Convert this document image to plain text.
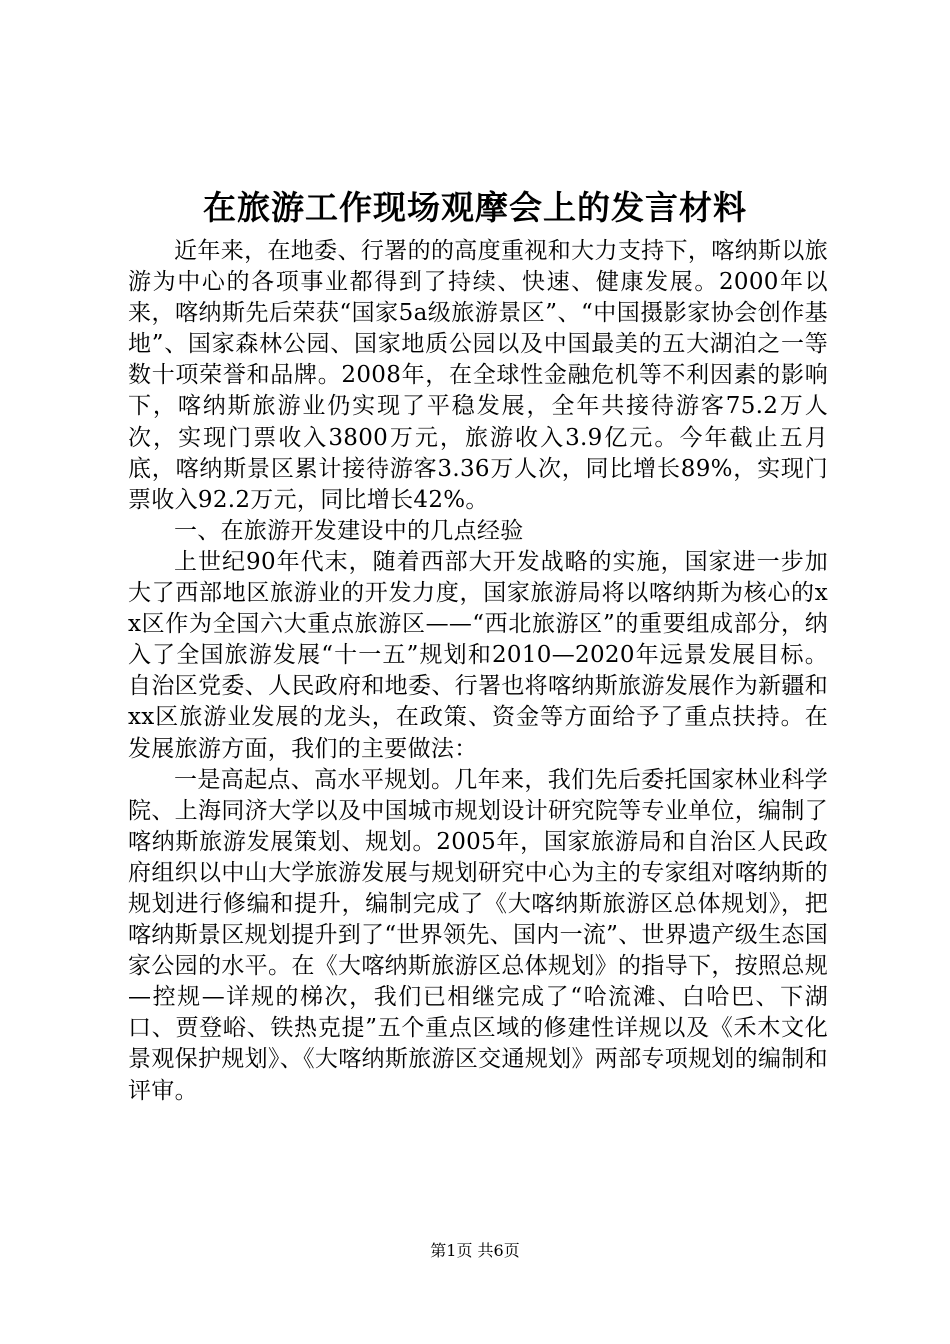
在旅游工作现场观摩会上的发言材料

近年来，在地委、行署的的高度重视和大力支持下，喀纳斯以旅游为中心的各项事业都得到了持续、快速、健康发展。2000年以来，喀纳斯先后荣获“国家5a级旅游景区”、“中国摄影家协会创作基地”、国家森林公园、国家地质公园以及中国最美的五大湖泊之一等数十项荣誉和品牌。2008年，在全球性金融危机等不利因素的影响下，喀纳斯旅游业仍实现了平稳发展，全年共接待游客75.2万人次，实现门票收入3800万元，旅游收入3.9亿元。今年截止五月底，喀纳斯景区累计接待游客3.36万人次，同比增长89%，实现门票收入92.2万元，同比增长42%。

一、在旅游开发建设中的几点经验

上世纪90年代末，随着西部大开发战略的实施，国家进一步加大了西部地区旅游业的开发力度，国家旅游局将以喀纳斯为核心的xx区作为全国六大重点旅游区——“西北旅游区”的重要组成部分，纳入了全国旅游发展“十一五”规划和2010—2020年远景发展目标。自治区党委、人民政府和地委、行署也将喀纳斯旅游发展作为新疆和xx区旅游业发展的龙头，在政策、资金等方面给予了重点扶持。在发展旅游方面，我们的主要做法：

一是高起点、高水平规划。几年来，我们先后委托国家林业科学院、上海同济大学以及中国城市规划设计研究院等专业单位，编制了喀纳斯旅游发展策划、规划。2005年，国家旅游局和自治区人民政府组织以中山大学旅游发展与规划研究中心为主的专家组对喀纳斯的规划进行修编和提升，编制完成了《大喀纳斯旅游区总体规划》，把喀纳斯景区规划提升到了“世界领先、国内一流”、世界遗产级生态国家公园的水平。在《大喀纳斯旅游区总体规划》的指导下，按照总规—控规—详规的梯次，我们已相继完成了“哈流滩、白哈巴、下湖口、贾登峪、铁热克提”五个重点区域的修建性详规以及《禾木文化景观保护规划》、《大喀纳斯旅游区交通规划》两部专项规划的编制和评审。

第1页 共6页
